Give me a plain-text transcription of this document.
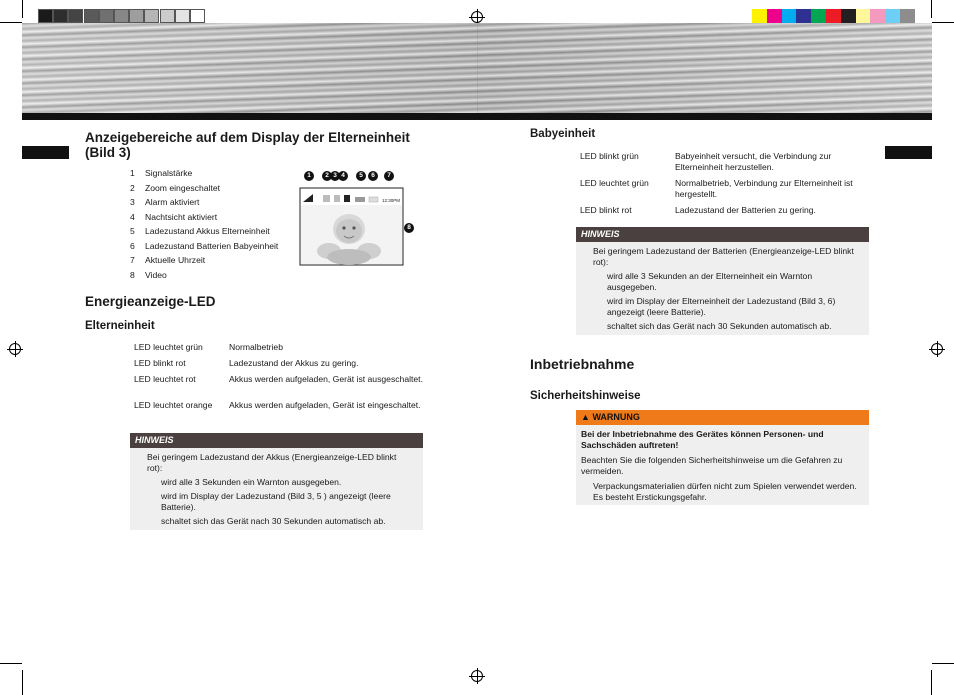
Anzeigebereiche auf dem Display der Elterneinheit
(Bild 3)
1 Signalstärke
2 Zoom eingeschaltet
3 Alarm aktiviert
4 Nachtsicht aktiviert
5 Ladezustand Akkus Elterneinheit
6 Ladezustand Batterien Babyeinheit
7 Aktuelle Uhrzeit
8 Video
12:30PM
1	2 3 4	5	6	7
8
Energieanzeige-LED
Elterneinheit
LED leuchtet grün	Normalbetrieb
LED blinkt rot	Ladezustand der Akkus zu gering.
LED leuchtet rot	Akkus werden aufgeladen, Gerät ist ausgeschaltet.
LED leuchtet orange	Akkus werden aufgeladen, Gerät ist eingeschaltet.
HINWEIS
Bei geringem Ladezustand der Akkus (Energieanzeige-LED blinkt rot):
wird alle 3 Sekunden ein Warnton ausgegeben.
wird im Display der Ladezustand (Bild 3, 5 ) angezeigt (leere Batterie).
schaltet sich das Gerät nach 30 Sekunden automatisch ab.
Babyeinheit
LED blinkt grün	Babyeinheit versucht, die Verbindung zur Elterneinheit herzustellen.
LED leuchtet grün	Normalbetrieb, Verbindung zur Elterneinheit ist hergestellt.
LED blinkt rot	Ladezustand der Batterien zu gering.
HINWEIS
Bei geringem Ladezustand der Batterien (Energieanzeige-LED blinkt rot):
wird alle 3 Sekunden an der Elterneinheit ein Warnton ausgegeben.
wird im Display der Elterneinheit der Ladezustand (Bild 3, 6) angezeigt (leere Batterie).
schaltet sich das Gerät nach 30 Sekunden automatisch ab.
Inbetriebnahme
Sicherheitshinweise
▲ WARNUNG
Bei der Inbetriebnahme des Gerätes können Personen- und Sachschäden auftreten!
Beachten Sie die folgenden Sicherheitshinweise um die Gefahren zu vermeiden.
Verpackungsmaterialien dürfen nicht zum Spielen verwendet werden. Es besteht Erstickungsgefahr.
